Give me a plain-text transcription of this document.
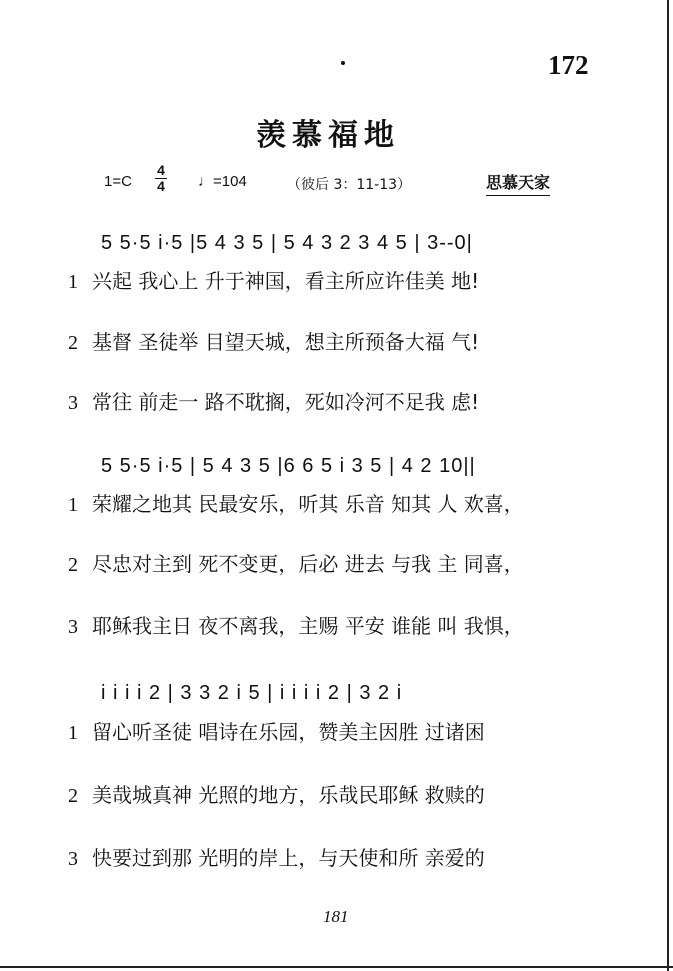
172
羡慕福地
1=C
4
4 ♩=104	（彼后 3：11-13）	思慕天家
5 5·5 i·5 |5 4 3 5 | 5 4 3 2 3 4 5 | 3--0|
1 兴起 我心上 升于神国，看主所应许佳美 地!
2 基督 圣徒举 目望天城，想主所预备大福 气!
3 常往 前走一 路不耽搁，死如冷河不足我 虑!
5 5·5 i·5 | 5 4 3 5 |6 6 5 i 3 5 | 4 2 10||
1 荣耀之地其 民最安乐，听其 乐音 知其 人 欢喜，
2 尽忠对主到 死不变更，后必 进去 与我 主 同喜，
3 耶稣我主日 夜不离我，主赐 平安 谁能 叫 我惧，
i i i i 2 | 3 3 2 i 5 | i i i i 2 | 3 2 i
1 留心听圣徒 唱诗在乐园，赞美主因胜 过诸困
2 美哉城真神 光照的地方，乐哉民耶稣 救赎的
3 快要过到那 光明的岸上，与天使和所 亲爱的
181
